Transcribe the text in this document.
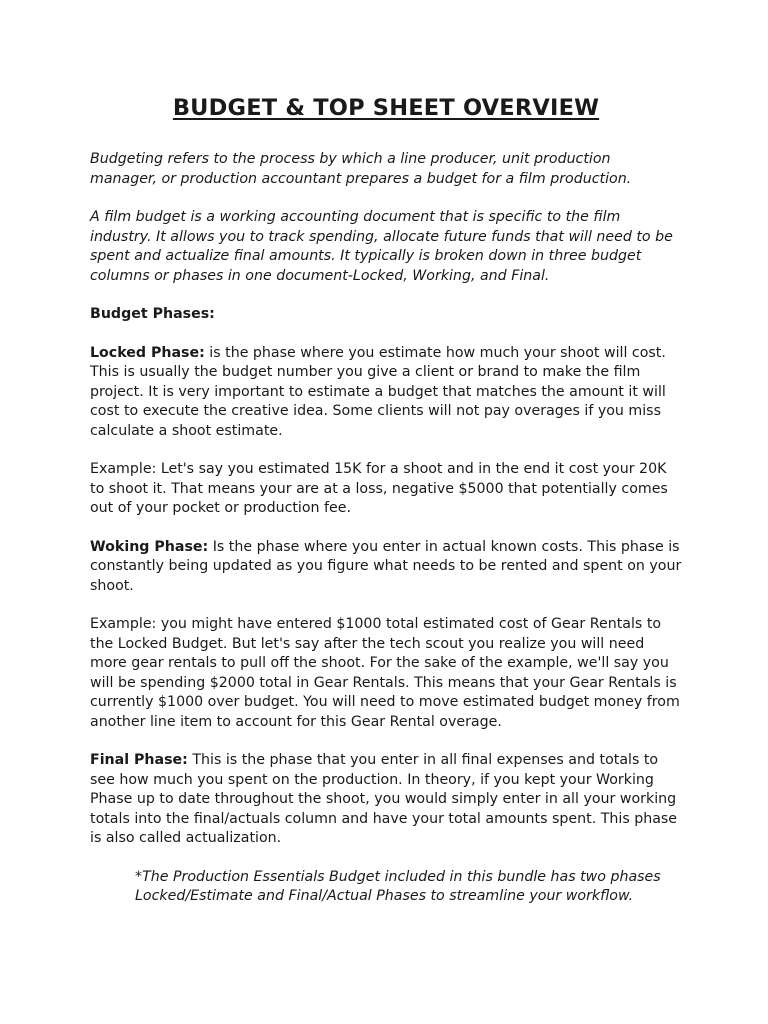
BUDGET & TOP SHEET OVERVIEW

Budgeting refers to the process by which a line producer, unit production manager, or production accountant prepares a budget for a film production.

A film budget is a working accounting document that is specific to the film industry. It allows you to track spending, allocate future funds that will need to be spent and actualize final amounts. It typically is broken down in three budget columns or phases in one document-Locked, Working, and Final.

Budget Phases:

Locked Phase: is the phase where you estimate how much your shoot will cost. This is usually the budget number you give a client or brand to make the film project. It is very important to estimate a budget that matches the amount it will cost to execute the creative idea. Some clients will not pay overages if you miss calculate a shoot estimate.

Example: Let's say you estimated 15K for a shoot and in the end it cost your 20K to shoot it. That means your are at a loss, negative $5000 that potentially comes out of your pocket or production fee.

Woking Phase: Is the phase where you enter in actual known costs. This phase is constantly being updated as you figure what needs to be rented and spent on your shoot.

Example: you might have entered $1000 total estimated cost of Gear Rentals to the Locked Budget. But let's say after the tech scout you realize you will need more gear rentals to pull off the shoot. For the sake of the example, we'll say you will be spending $2000 total in Gear Rentals. This means that your Gear Rentals is currently $1000 over budget. You will need to move estimated budget money from another line item to account for this Gear Rental overage.

Final Phase: This is the phase that you enter in all final expenses and totals to see how much you spent on the production. In theory, if you kept your Working Phase up to date throughout the shoot, you would simply enter in all your working totals into the final/actuals column and have your total amounts spent. This phase is also called actualization.

*The Production Essentials Budget included in this bundle has two phases Locked/Estimate and Final/Actual Phases to streamline your workflow.
